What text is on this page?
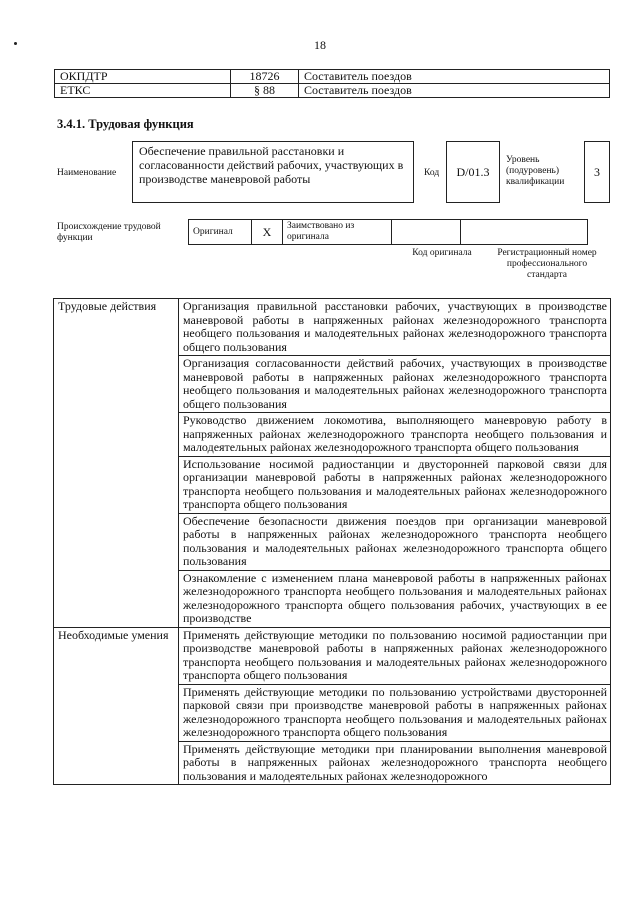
18
ОКПДТР	18726	Составитель поездов
ЕТКС	§ 88	Составитель поездов
3.4.1. Трудовая функция
Наименование
Обеспечение правильной расстановки и согласованности действий рабочих, участвующих в производстве маневровой работы	Код	D/01.3
Уровень (подуровень) квалификации
3
Происхождение трудовой функции
Оригинал	X	Заимствовано из оригинала		
Код оригинала	Регистрационный номер профессионального стандарта
Трудовые действия	Организация правильной расстановки рабочих, участвующих в производстве маневровой работы в напряженных районах железнодорожного транспорта необщего пользования и малодеятельных районах железнодорожного транспорта общего пользования
	Организация согласованности действий рабочих, участвующих в производстве маневровой работы в напряженных районах железнодорожного транспорта необщего пользования и малодеятельных районах железнодорожного транспорта общего пользования
	Руководство движением локомотива, выполняющего маневровую работу в напряженных районах железнодорожного транспорта необщего пользования и малодеятельных районах железнодорожного транспорта общего пользования
	Использование носимой радиостанции и двусторонней парковой связи для организации маневровой работы в напряженных районах железнодорожного транспорта необщего пользования и малодеятельных районах железнодорожного транспорта общего пользования
	Обеспечение безопасности движения поездов при организации маневровой работы в напряженных районах железнодорожного транспорта необщего пользования и малодеятельных районах железнодорожного транспорта общего пользования
	Ознакомление с изменением плана маневровой работы в напряженных районах железнодорожного транспорта необщего пользования и малодеятельных районах железнодорожного транспорта общего пользования рабочих, участвующих в ее производстве
Необходимые умения	Применять действующие методики по пользованию носимой радиостанции при производстве маневровой работы в напряженных районах железнодорожного транспорта необщего пользования и малодеятельных районах железнодорожного транспорта общего пользования
	Применять действующие методики по пользованию устройствами двусторонней парковой связи при производстве маневровой работы в напряженных районах железнодорожного транспорта необщего пользования и малодеятельных районах железнодорожного транспорта общего пользования
	Применять действующие методики при планировании выполнения маневровой работы в напряженных районах железнодорожного транспорта необщего пользования и малодеятельных районах железнодорожного
